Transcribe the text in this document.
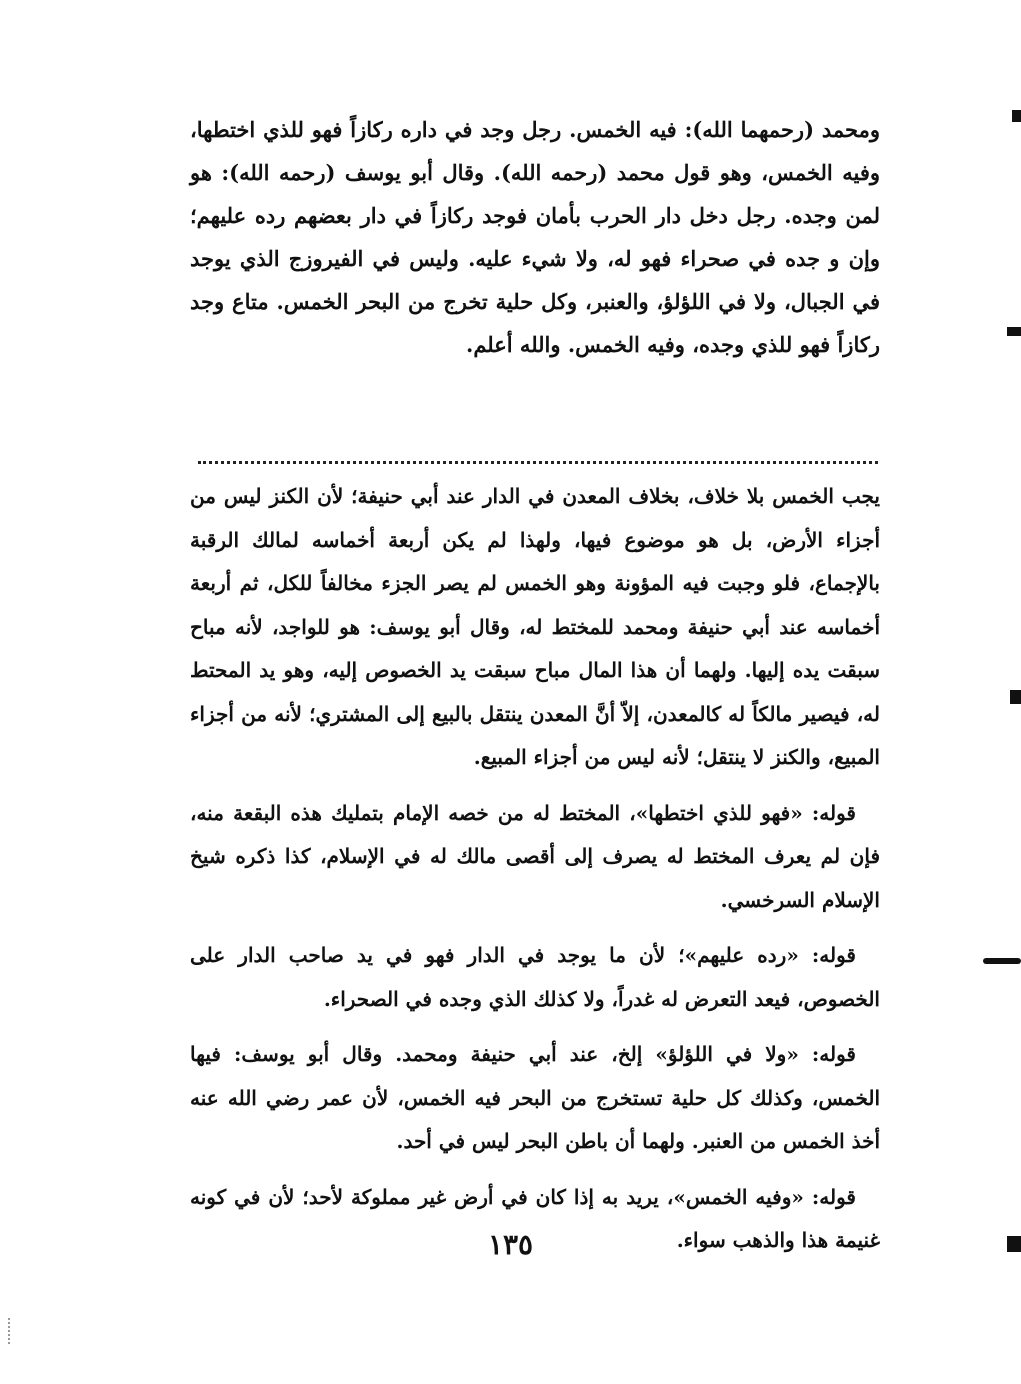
ومحمد (رحمهما الله): فيه الخمس. رجل وجد في داره ركازاً فهو للذي اختطها، وفيه الخمس، وهو قول محمد (رحمه الله). وقال أبو يوسف (رحمه الله): هو لمن وجده. رجل دخل دار الحرب بأمان فوجد ركازاً في دار بعضهم رده عليهم؛ وإن و جده في صحراء فهو له، ولا شيء عليه. وليس في الفيروزج الذي يوجد في الجبال، ولا في اللؤلؤ، والعنبر، وكل حلية تخرج من البحر الخمس. متاع وجد ركازاً فهو للذي وجده، وفيه الخمس. والله أعلم.

يجب الخمس بلا خلاف، بخلاف المعدن في الدار عند أبي حنيفة؛ لأن الكنز ليس من أجزاء الأرض، بل هو موضوع فيها، ولهذا لم يكن أربعة أخماسه لمالك الرقبة بالإجماع، فلو وجبت فيه المؤونة وهو الخمس لم يصر الجزء مخالفاً للكل، ثم أربعة أخماسه عند أبي حنيفة ومحمد للمختط له، وقال أبو يوسف: هو للواجد، لأنه مباح سبقت يده إليها. ولهما أن هذا المال مباح سبقت يد الخصوص إليه، وهو يد المحتط له، فيصير مالكاً له كالمعدن، إلاّ أنَّ المعدن ينتقل بالبيع إلى المشتري؛ لأنه من أجزاء المبيع، والكنز لا ينتقل؛ لأنه ليس من أجزاء المبيع.

قوله: «فهو للذي اختطها»، المختط له من خصه الإمام بتمليك هذه البقعة منه، فإن لم يعرف المختط له يصرف إلى أقصى مالك له في الإسلام، كذا ذكره شيخ الإسلام السرخسي.

قوله: «رده عليهم»؛ لأن ما يوجد في الدار فهو في يد صاحب الدار على الخصوص، فيعد التعرض له غدراً، ولا كذلك الذي وجده في الصحراء.

قوله: «ولا في اللؤلؤ» إلخ، عند أبي حنيفة ومحمد. وقال أبو يوسف: فيها الخمس، وكذلك كل حلية تستخرج من البحر فيه الخمس، لأن عمر رضي الله عنه أخذ الخمس من العنبر. ولهما أن باطن البحر ليس في أحد.

قوله: «وفيه الخمس»، يريد به إذا كان في أرض غير مملوكة لأحد؛ لأن في كونه غنيمة هذا والذهب سواء.

١٣٥
